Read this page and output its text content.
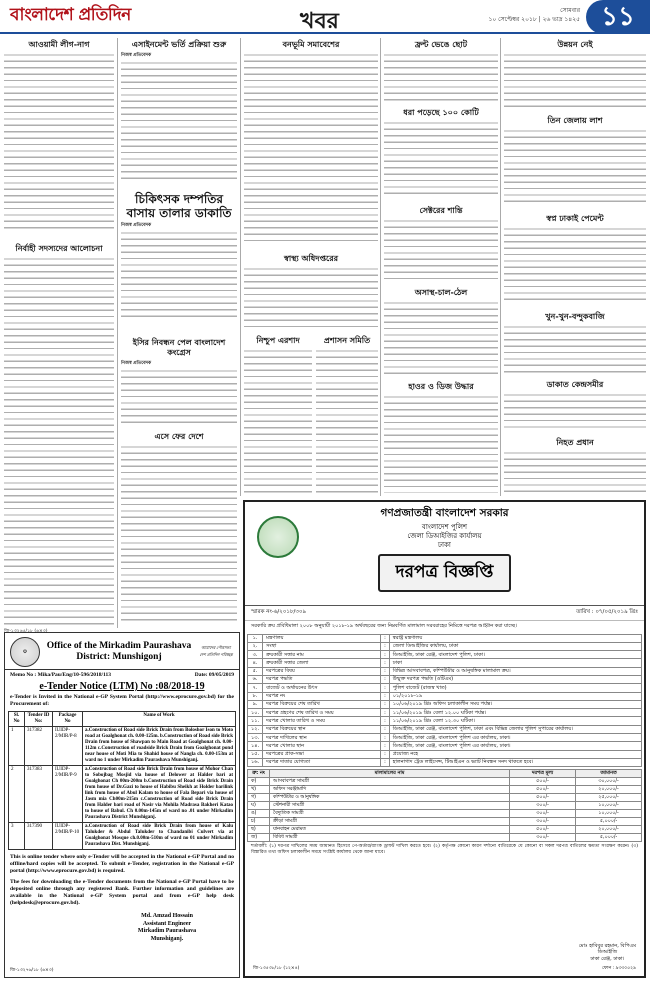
বাংলাদেশ প্রতিদিন	খবর	সোমবার
১০ সেপ্টেম্বর ২০১৮ | ২৬ ভাদ্র ১৪২৫ ১১
আওয়ামী লীগ-নাগ
নির্বাহী সদস্যদের আলোচনা
এসাইনমেন্ট ভর্তি প্রক্রিয়া শুরু
নিজস্ব প্রতিবেদক
চিকিৎসক দম্পতির বাসায় তালার ডাকাতি
নিজস্ব প্রতিবেদক
ইসির নিবন্ধন পেল বাংলাদেশ কংগ্রেস
নিজস্ব প্রতিবেদক
এসে ফের দেশে
বনভূমি সমাবেশের
স্বাস্থ্য অধিদপ্তরের
নিশ্চুপ এরশাদ	প্রশাসন সমিতি
ফ্রন্ট ভেঙে ছোট
ধরা পড়েছে ১০০ কোটি
সেক্টরের শান্তি
অসাস্থ-চাল-ঠেল
হাওর ও ডিজ উদ্ধার
উন্নয়ন নেই
তিন জেলায় লাশ
স্বপ্ন ঢাকাই পেমেন্ট
খুন-খুন-বন্দুকবাজি
ডাকাত কেন্দ্রসমীর
নিহত প্রধান
⚙
Office of the Mirkadim Paurashava District: Munshigonj
আমাদের পৌরসভা দেশ প্রতিদিন পরিচ্ছন্ন
Memo No : Mika/Pau/Eng/10-596/2018/113	Date: 09/05/2019
e-Tender Notice (LTM) No :08/2018-19
e-Tender is Invited in the National e-GP System Portal (http://www.eprocure.gov.bd) for the Procurement of:
Sl. No	Tender ID No:	Package No	Name of Work
1	317382	IUIDP-2/MIR/P-8	a.Construction of Road side Brick Drain from Boloshor Ison to Moto road at Goalghonat ch. 0.00-125m. b.Construction of Road side Brick Drain from house of Shawpan to Main Road at Goalghonat ch. 0.00-112m c.Construction of roadside Brick Drain from Goalghonat pond near house of Moti Mia to Shahid house of Nangla ch. 0.00-153m at ward no 1 under Mirkadim Paurashava Munshiganj.
2	317383	IUIDP-2/MIR/P-9	a.Construction of Road side Brick Drain from house of Mohor Chan to Sobojbag Mosjid via house of Delower at Halder bari at Goalghonat Ch 00m-200m b.Construction of Road side Brick Drain from house of Dr.Gazi to house of Habibu Sheikh at Holder barilink link from house of Abul Kalam to house of Fala Bepari via house of Jasm mia Ch00m-215m c.Construction of Road side Brick Drain from Halder bari road of Nasir via Mohila Madrasa Bakheri Katao to house of Babul. Ch 0.00m-145m of ward no .01 under Mirkadim Paurashava District Munshiganj.
3	317390	IUIDP-2/MIR/P-10	a.Construction of Road side Brick Drain from house of Kalu Talukder & Abdul Talukder to Chandanibi Culvert via at Goalghonat Mosque ch.0.00m-510m of ward no 01 under Mirkadim Paurashava Dist. Munshiganj.
This is online tender where only e-Tender will be accepted in the National e-GP Portal and no offline/hard copies will be accepted. To submit e-Tender, registration in the National e-GP portal (http://www.eprocure.gov.bd) is required.
The fees for downloading the e-Tender documents from the National e-GP Portal have to be deposited online through any registered Bank. Further information and guidelines are available in the National e-GP System portal and from e-GP help desk (helpdesk@eprocure.gov.bd).
Md. Amzad Hossain
Assistant Engineer
Mirkadim Paurashava
Munshiganj.
জি-১৩২৭৬/১৮ (৬×৩)
গণপ্রজাতন্ত্রী বাংলাদেশ সরকার
বাংলাদেশ পুলিশ
জেলা ডিআইজির কার্যালয়
ঢাকা
দরপত্র বিজ্ঞপ্তি
স্মারক নং-৬/২০১৮/৩০৯	তারিখ : ০৭/০৫/২০১৯ খ্রিঃ
সরকারি ক্রয় প্রবিধিমালা ২০০৮ অনুযায়ী ২০১৮-১৯ অর্থবছরের জন্য নিম্নবর্ণিত মালামাল সরবরাহের নিমিত্তে দরপত্র আহ্বান করা যাচ্ছে।
১.	মন্ত্রণালয়	:	স্বরাষ্ট্র মন্ত্রণালয়
২.	সংস্থা	:	জেলা ডিআইজির কার্যালয়, ঢাকা
৩.	ক্রয়কারী সত্তার নাম	:	ডিআইজি, ঢাকা রেঞ্জ, বাংলাদেশ পুলিশ, ঢাকা।
৪.	ক্রয়কারী সত্তার জেলা	:	ঢাকা
৫.	দরপত্রের বিষয়	:	বিভিন্ন আসবাবপত্র, কম্পিউটার ও আনুষঙ্গিক মালামাল ক্রয়।
৬.	দরপত্র পদ্ধতি	:	উন্মুক্ত দরপত্র পদ্ধতি (ওটিএম)
৭.	বাজেট ও অর্থায়নের উৎস	:	পুলিশ বাজেট (রাজস্ব খাত)
৮.	দরপত্র নং	:	০১/২০১৮-১৯
৯.	দরপত্র বিক্রয়ের শেষ তারিখ	:	১০/০৬/২০১৯ খ্রিঃ অফিস চলাকালীন সময় পর্যন্ত।
১০.	দরপত্র গ্রহণের শেষ তারিখ ও সময়	:	১১/০৬/২০১৯ খ্রিঃ বেলা ১২.০০ ঘটিকা পর্যন্ত।
১১.	দরপত্র খোলার তারিখ ও সময়	:	১১/০৬/২০১৯ খ্রিঃ বেলা ১২.৩০ ঘটিকা।
১২.	দরপত্র বিক্রয়ের স্থান	:	ডিআইজি, ঢাকা রেঞ্জ, বাংলাদেশ পুলিশ, ঢাকা এবং বিভিন্ন জেলার পুলিশ সুপারের কার্যালয়।
১৩.	দরপত্র দাখিলের স্থান	:	ডিআইজি, ঢাকা রেঞ্জ, বাংলাদেশ পুলিশ এর কার্যালয়, ঢাকা।
১৪.	দরপত্র খোলার স্থান	:	ডিআইজি, ঢাকা রেঞ্জ, বাংলাদেশ পুলিশ এর কার্যালয়, ঢাকা।
১৫.	দরপত্রের প্রাক-সভা	:	প্রযোজ্য নহে
১৬.	দরপত্র দাতার যোগ্যতা	:	হালনাগাদ ট্রেড লাইসেন্স, টিআইএন ও ভ্যাট নিবন্ধন সনদ থাকতে হবে।
ক্র: নং	মালামালের নাম	দরপত্র মূল্য	জামানত
ক)	আসবাবপত্র সামগ্রী	৫০০/-	৩০,০০০/-
খ)	অফিস সরঞ্জামাদি	৫০০/-	২০,০০০/-
গ)	কম্পিউটার ও আনুষঙ্গিক	৫০০/-	২৫,০০০/-
ঘ)	স্টেশনারী সামগ্রী	৩০০/-	১০,০০০/-
ঙ)	বৈদ্যুতিক সামগ্রী	৩০০/-	১০,০০০/-
চ)	ক্রীড়া সামগ্রী	৩০০/-	৫,০০০/-
ছ)	যানবাহন মেরামত	৫০০/-	২০,০০০/-
জ)	বিবিধ সামগ্রী	৩০০/-	৫,০০০/-
শর্তাবলী: (১) দরপত্র দাখিলের সময় জামানত হিসেবে পে-অর্ডার/ব্যাংক ড্রাফট দাখিল করতে হবে। (২) কর্তৃপক্ষ কোনো কারণ দর্শানো ব্যতিরেকে যে কোনো বা সকল দরপত্র বাতিলের ক্ষমতা সংরক্ষণ করেন। (৩) বিস্তারিত তথ্য অফিস চলাকালীন সময়ে সংশ্লিষ্ট কার্যালয় থেকে জানা যাবে।
মোঃ হাবিবুর রহমান, বিপিএম
ডিআইজি
ঢাকা রেঞ্জ, ঢাকা।
জি-১৩৫৩৮/১৮ (১২×৪)	ফোন : ৯৩৩০৫২৯
জি-১৩২৬৫/১৮ (৬×৩)
